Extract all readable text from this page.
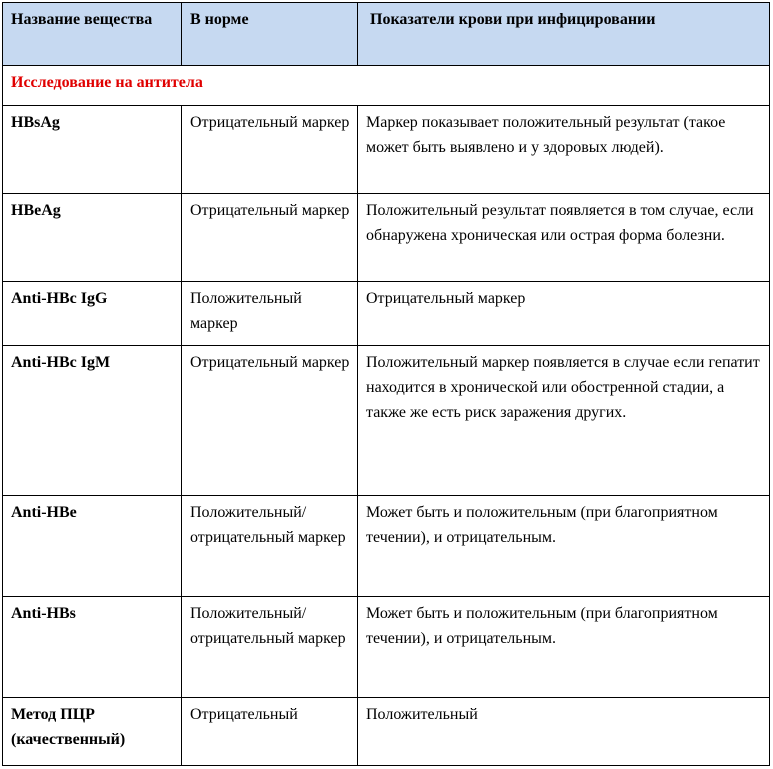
Название вещества	В норме	Показатели крови при инфицировании
Исследование на антитела		
HBsAg	Отрицательный маркер	Маркер показывает положительный результат (такое может быть выявлено и у здоровых людей).
HBeAg	Отрицательный маркер	Положительный результат появляется в том случае, если обнаружена хроническая или острая форма болезни.
Anti-HBc IgG	Положительный маркер	Отрицательный маркер
Anti-HBc IgM	Отрицательный маркер	Положительный маркер появляется в случае если гепатит находится в хронической или обостренной стадии, а также же есть риск заражения других.
Anti-HBe	Положительный/отрицательный маркер	Может быть и положительным (при благоприятном течении), и отрицательным.
Anti-HBs	Положительный/отрицательный маркер	Может быть и положительным (при благоприятном течении), и отрицательным.
Метод ПЦР (качественный)	Отрицательный	Положительный
